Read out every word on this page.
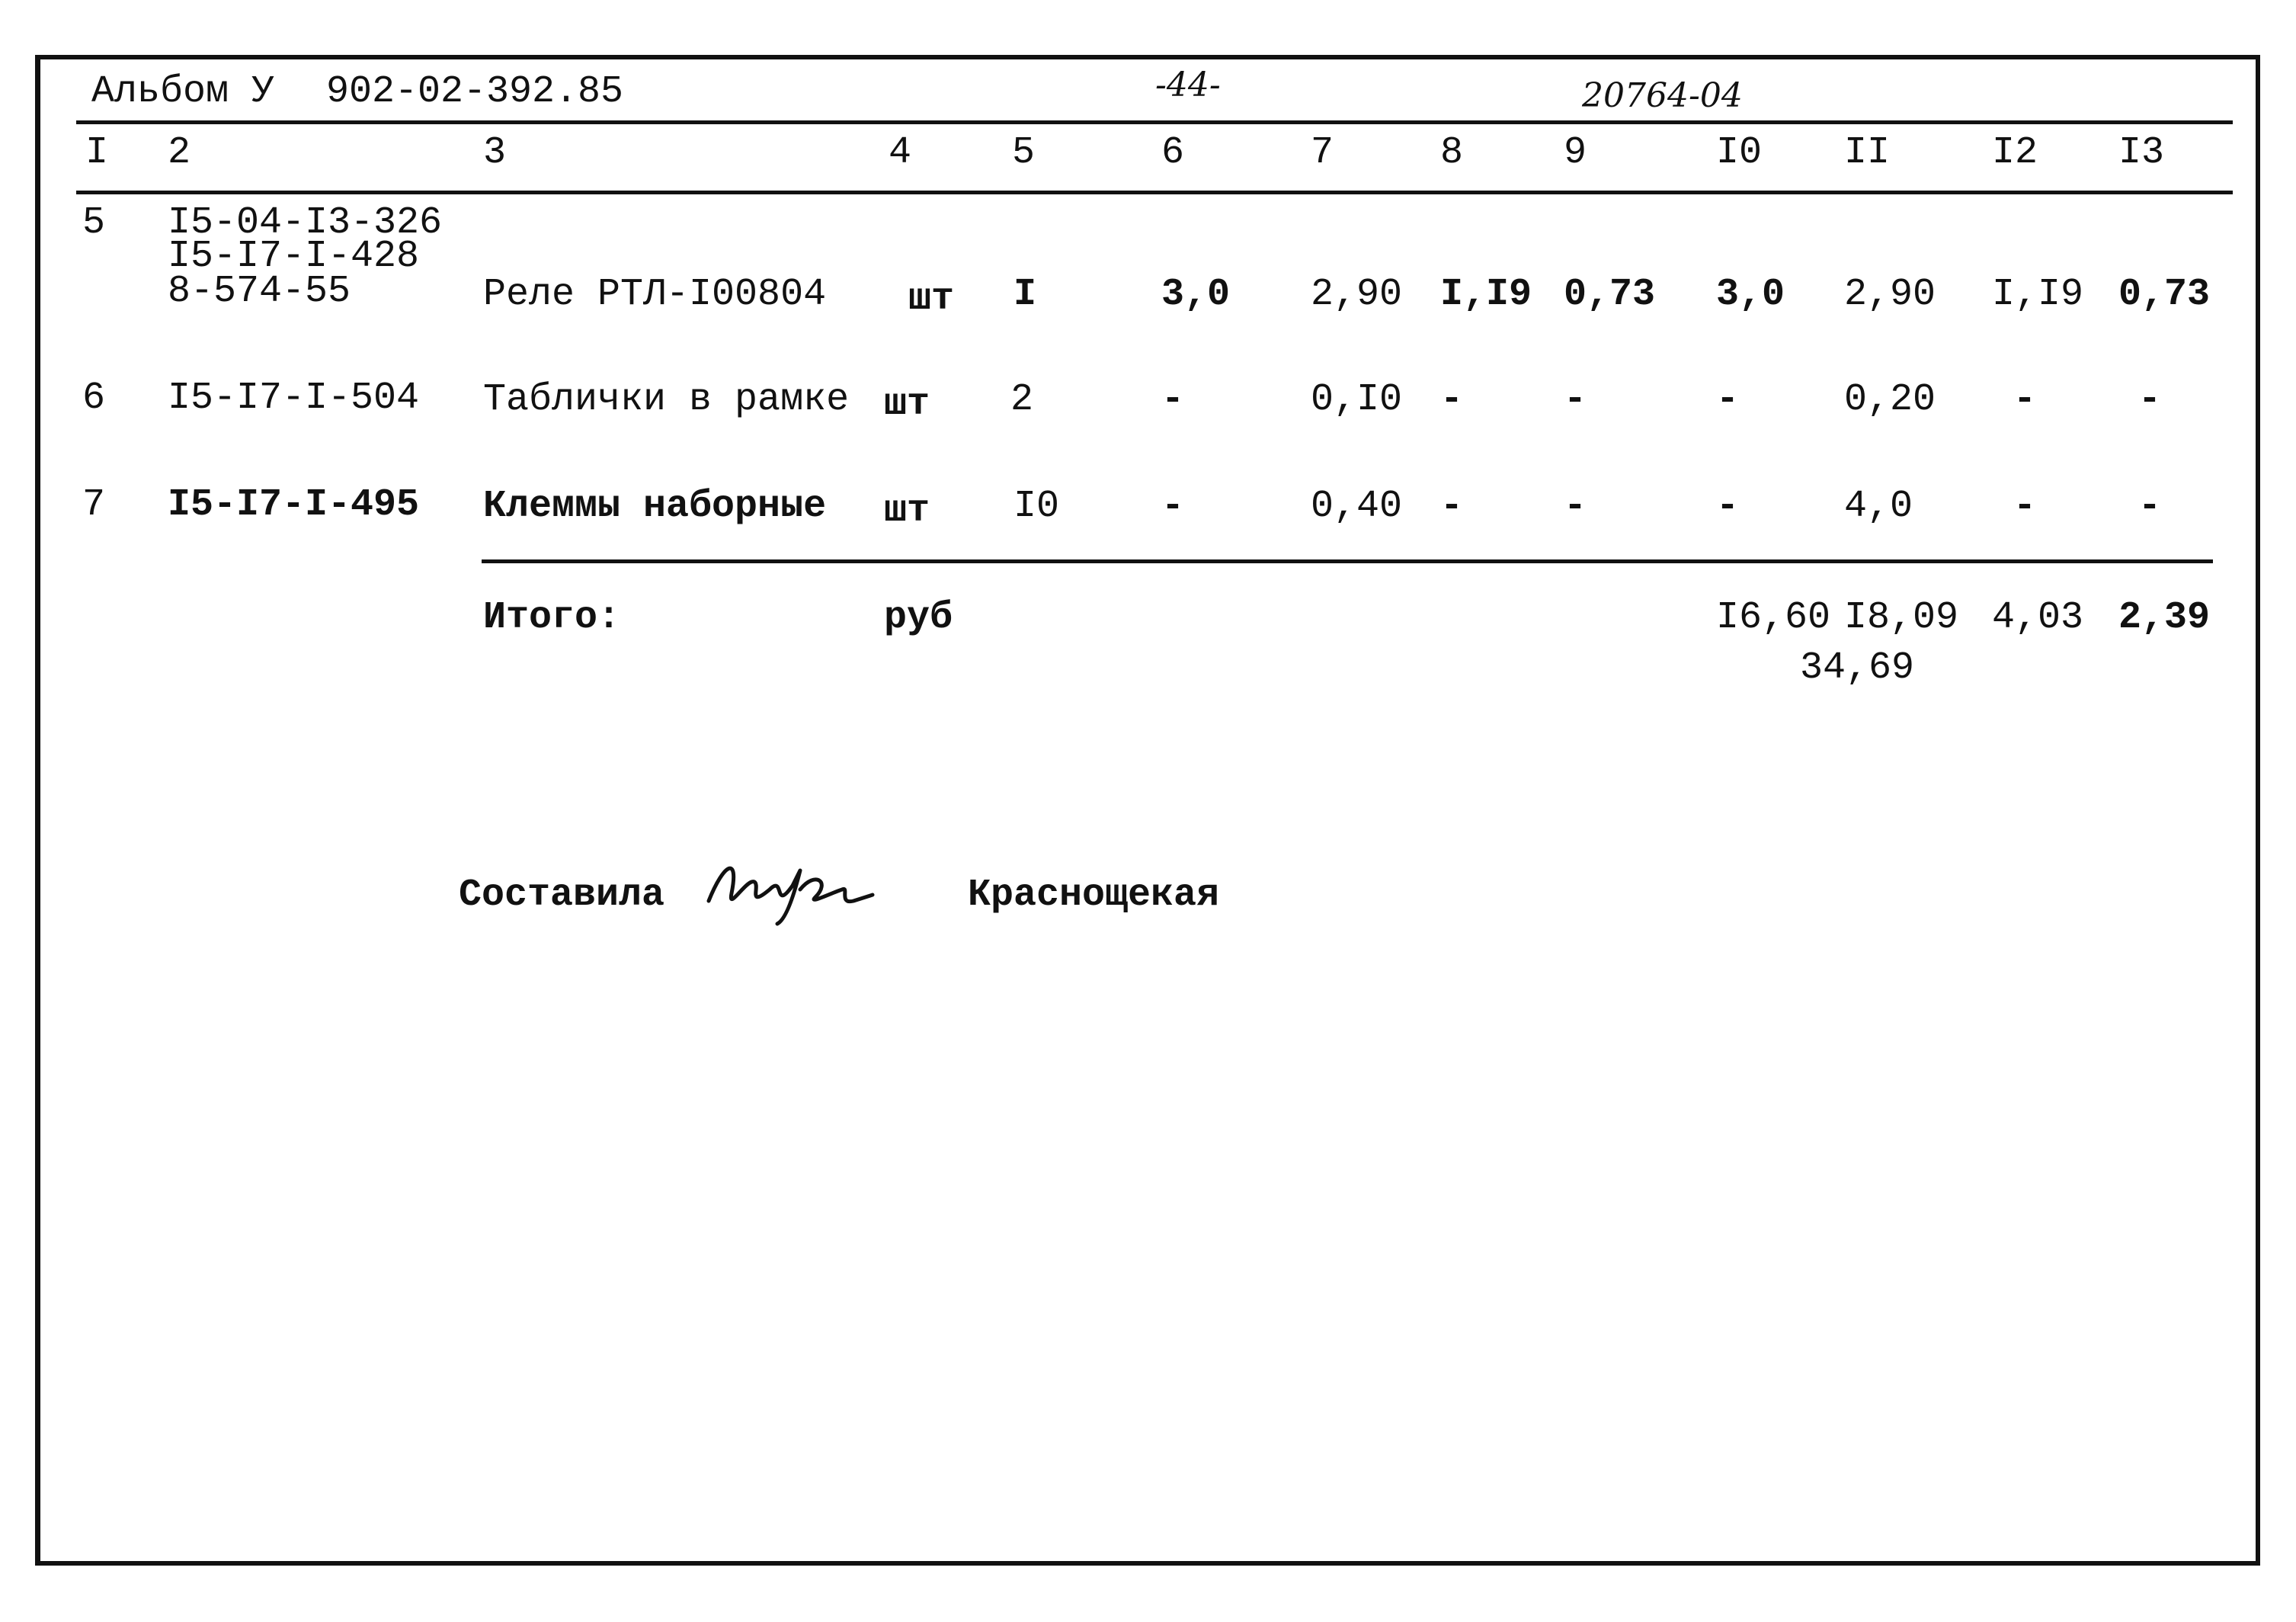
Альбом У 902-02-392.85	-44-	20764-04
I 2	3	4	5	6	7	8	9	I0 II	I2 I3
5 I5-04-I3-326
I5-I7-I-428
8-574-55	Реле РТЛ-I00804 шт I	3,0 2,90 I,I9 0,73 3,0 2,90 I,I9 0,73
6 I5-I7-I-504 Таблички в рамке шт 2	-	0,I0 -	-	-	0,20 -	-
7 I5-I7-I-495 Клеммы наборные шт I0	-	0,40 -	-	-	4,0	-	-
Итого:	руб	I6,60 I8,09 4,03 2,39
34,69
Составила	Краснощекая
